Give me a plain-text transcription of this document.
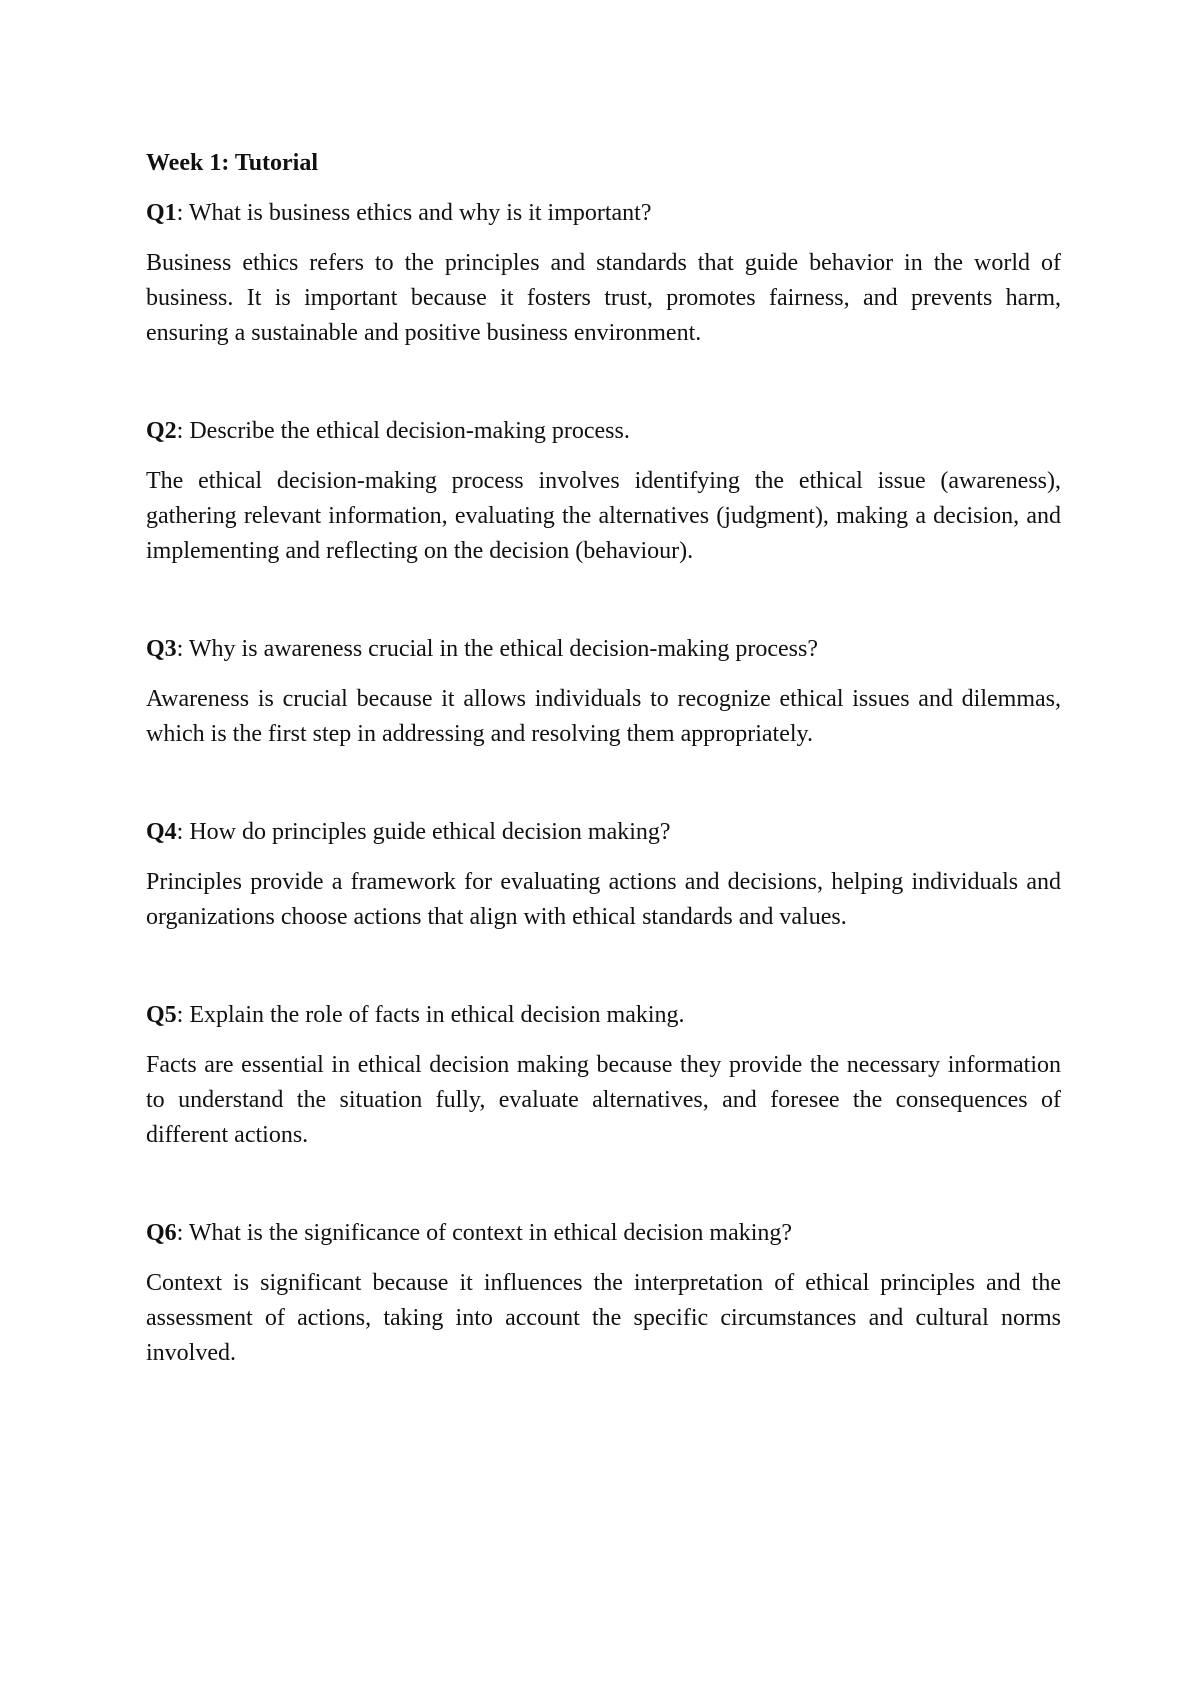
Week 1: Tutorial
Q1: What is business ethics and why is it important?
Business ethics refers to the principles and standards that guide behavior in the world of business. It is important because it fosters trust, promotes fairness, and prevents harm, ensuring a sustainable and positive business environment.
Q2: Describe the ethical decision-making process.
The ethical decision-making process involves identifying the ethical issue (awareness), gathering relevant information, evaluating the alternatives (judgment), making a decision, and implementing and reflecting on the decision (behaviour).
Q3: Why is awareness crucial in the ethical decision-making process?
Awareness is crucial because it allows individuals to recognize ethical issues and dilemmas, which is the first step in addressing and resolving them appropriately.
Q4: How do principles guide ethical decision making?
Principles provide a framework for evaluating actions and decisions, helping individuals and organizations choose actions that align with ethical standards and values.
Q5: Explain the role of facts in ethical decision making.
Facts are essential in ethical decision making because they provide the necessary information to understand the situation fully, evaluate alternatives, and foresee the consequences of different actions.
Q6: What is the significance of context in ethical decision making?
Context is significant because it influences the interpretation of ethical principles and the assessment of actions, taking into account the specific circumstances and cultural norms involved.
